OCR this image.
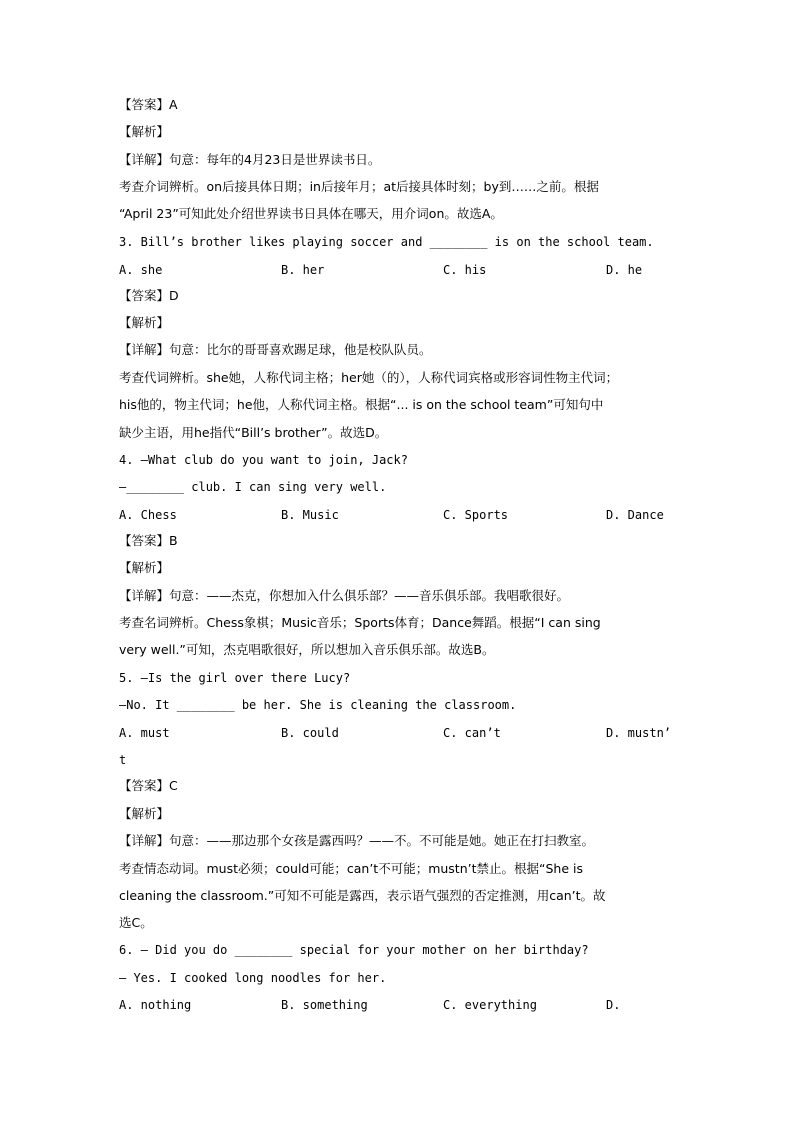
【答案】A
【解析】
【详解】句意：每年的4月23日是世界读书日。
考查介词辨析。on后接具体日期；in后接年月；at后接具体时刻；by到……之前。根据
“April 23”可知此处介绍世界读书日具体在哪天，用介词on。故选A。
3. Bill’s brother likes playing soccer and ________ is on the school team.
A. she	B. her	C. his	D. he
【答案】D
【解析】
【详解】句意：比尔的哥哥喜欢踢足球，他是校队队员。
考查代词辨析。she她，人称代词主格；her她（的），人称代词宾格或形容词性物主代词；
his他的，物主代词；he他，人称代词主格。根据“... is on the school team”可知句中
缺少主语，用he指代“Bill’s brother”。故选D。
4. —What club do you want to join, Jack?
—________ club. I can sing very well.
A. Chess	B. Music	C. Sports	D. Dance
【答案】B
【解析】
【详解】句意：——杰克，你想加入什么俱乐部？——音乐俱乐部。我唱歌很好。
考查名词辨析。Chess象棋；Music音乐；Sports体育；Dance舞蹈。根据“I can sing
very well.”可知，杰克唱歌很好，所以想加入音乐俱乐部。故选B。
5. —Is the girl over there Lucy?
—No. It ________ be her. She is cleaning the classroom.
A. must	B. could	C. can’t	D. mustn’
t
【答案】C
【解析】
【详解】句意：——那边那个女孩是露西吗？——不。不可能是她。她正在打扫教室。
考查情态动词。must必须；could可能；can’t不可能；mustn’t禁止。根据“She is
cleaning the classroom.”可知不可能是露西，表示语气强烈的否定推测，用can’t。故
选C。
6. — Did you do ________ special for your mother on her birthday?
— Yes. I cooked long noodles for her.
A. nothing	B. something	C. everything	D.
